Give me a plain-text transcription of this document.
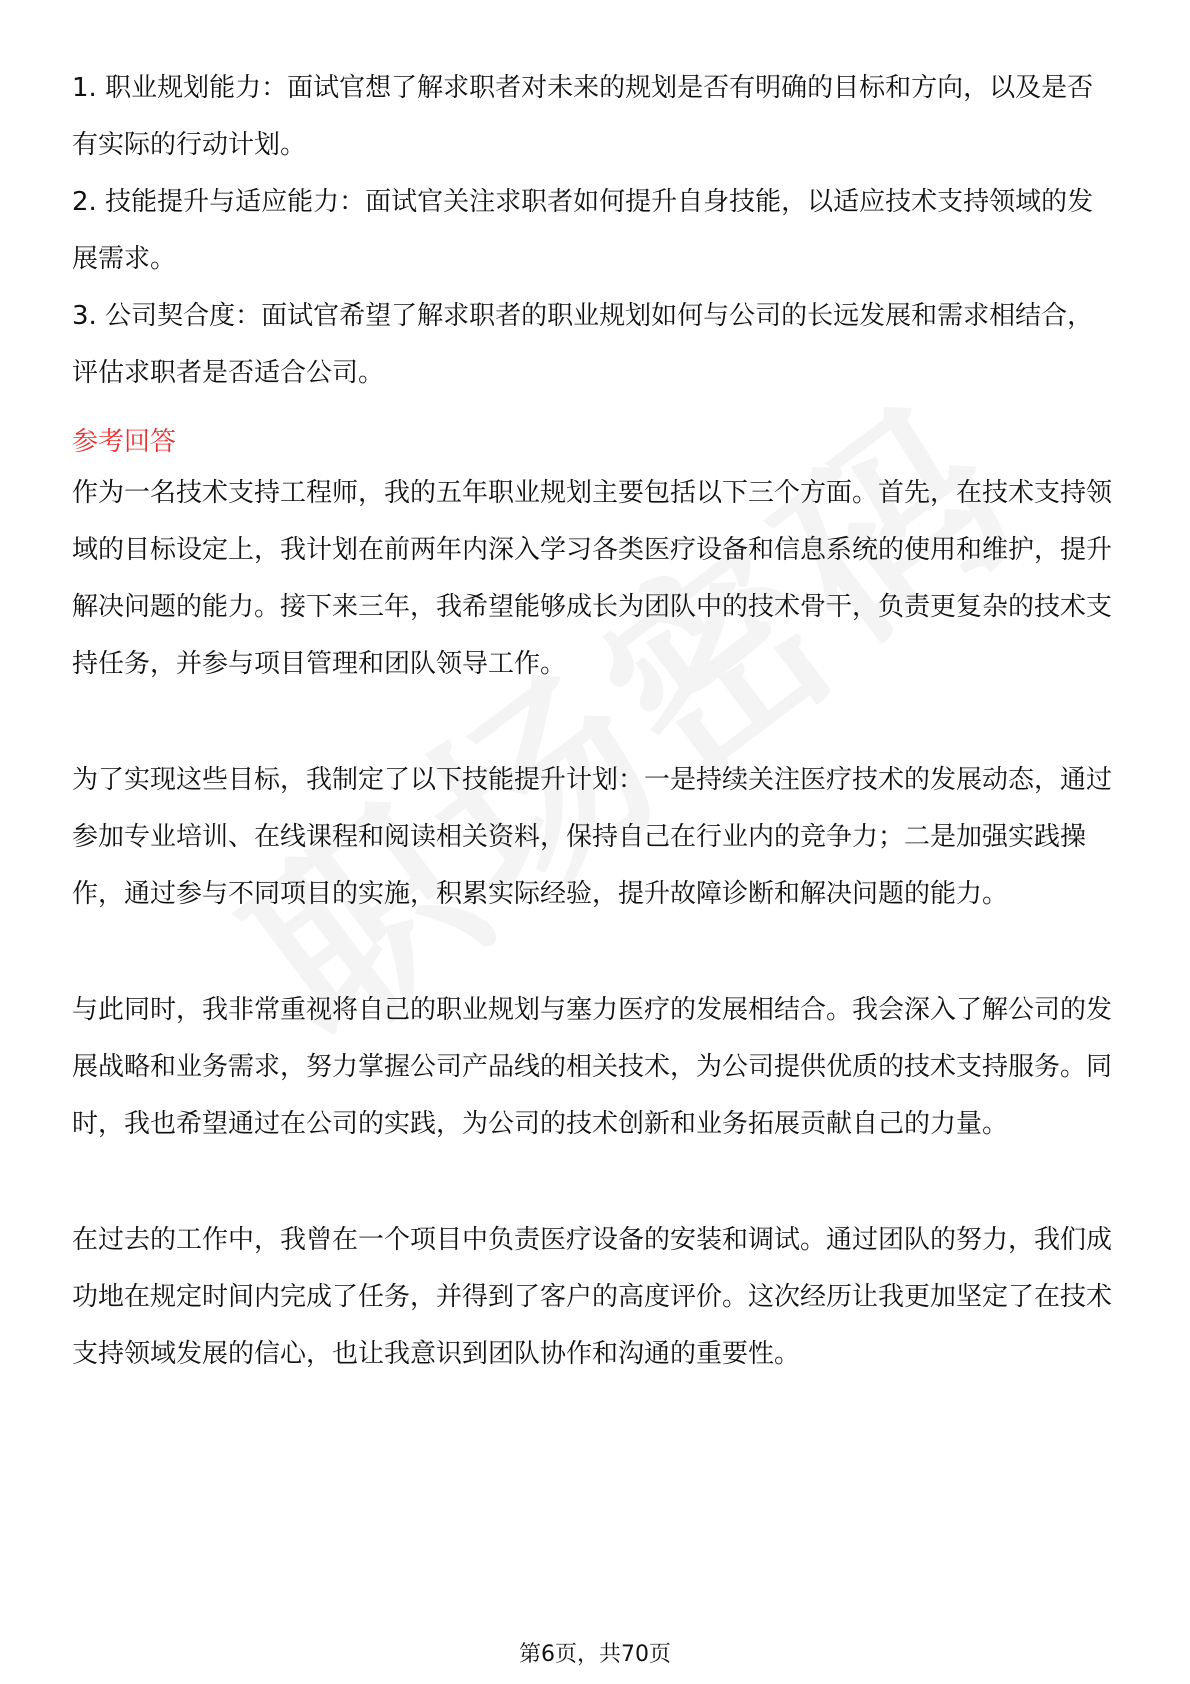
1. 职业规划能力：面试官想了解求职者对未来的规划是否有明确的目标和方向，以及是否有实际的行动计划。

2. 技能提升与适应能力：面试官关注求职者如何提升自身技能，以适应技术支持领域的发展需求。

3. 公司契合度：面试官希望了解求职者的职业规划如何与公司的长远发展和需求相结合，评估求职者是否适合公司。

参考回答

作为一名技术支持工程师，我的五年职业规划主要包括以下三个方面。首先，在技术支持领域的目标设定上，我计划在前两年内深入学习各类医疗设备和信息系统的使用和维护，提升解决问题的能力。接下来三年，我希望能够成长为团队中的技术骨干，负责更复杂的技术支持任务，并参与项目管理和团队领导工作。

为了实现这些目标，我制定了以下技能提升计划：一是持续关注医疗技术的发展动态，通过参加专业培训、在线课程和阅读相关资料，保持自己在行业内的竞争力；二是加强实践操作，通过参与不同项目的实施，积累实际经验，提升故障诊断和解决问题的能力。

与此同时，我非常重视将自己的职业规划与塞力医疗的发展相结合。我会深入了解公司的发展战略和业务需求，努力掌握公司产品线的相关技术，为公司提供优质的技术支持服务。同时，我也希望通过在公司的实践，为公司的技术创新和业务拓展贡献自己的力量。

在过去的工作中，我曾在一个项目中负责医疗设备的安装和调试。通过团队的努力，我们成功地在规定时间内完成了任务，并得到了客户的高度评价。这次经历让我更加坚定了在技术支持领域发展的信心，也让我意识到团队协作和沟通的重要性。

第6页，共70页
